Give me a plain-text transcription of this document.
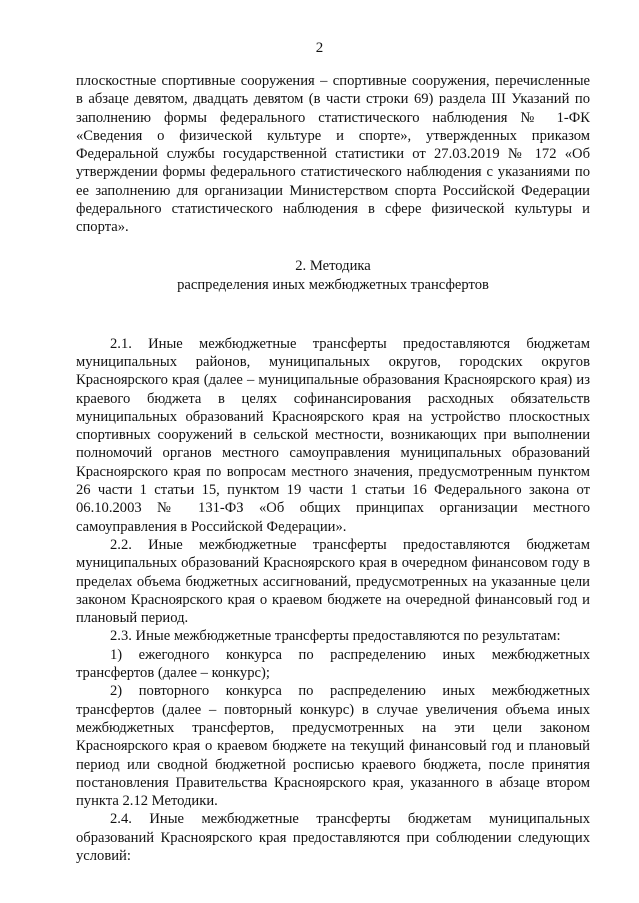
2

плоскостные спортивные сооружения – спортивные сооружения, перечисленные в абзаце девятом, двадцать девятом (в части строки 69) раздела III Указаний по заполнению формы федерального статистического наблюдения № 1-ФК «Сведения о физической культуре и спорте», утвержденных приказом Федеральной службы государственной статистики от 27.03.2019 № 172 «Об утверждении формы федерального статистического наблюдения с указаниями по ее заполнению для организации Министерством спорта Российской Федерации федерального статистического наблюдения в сфере физической культуры и спорта».

2. Методика
распределения иных межбюджетных трансфертов

2.1. Иные межбюджетные трансферты предоставляются бюджетам муниципальных районов, муниципальных округов, городских округов Красноярского края (далее – муниципальные образования Красноярского края) из краевого бюджета в целях софинансирования расходных обязательств муниципальных образований Красноярского края на устройство плоскостных спортивных сооружений в сельской местности, возникающих при выполнении полномочий органов местного самоуправления муниципальных образований Красноярского края по вопросам местного значения, предусмотренным пунктом 26 части 1 статьи 15, пунктом 19 части 1 статьи 16 Федерального закона от 06.10.2003 № 131-ФЗ «Об общих принципах организации местного самоуправления в Российской Федерации».

2.2. Иные межбюджетные трансферты предоставляются бюджетам муниципальных образований Красноярского края в очередном финансовом году в пределах объема бюджетных ассигнований, предусмотренных на указанные цели законом Красноярского края о краевом бюджете на очередной финансовый год и плановый период.

2.3. Иные межбюджетные трансферты предоставляются по результатам:

1) ежегодного конкурса по распределению иных межбюджетных трансфертов (далее – конкурс);

2) повторного конкурса по распределению иных межбюджетных трансфертов (далее – повторный конкурс) в случае увеличения объема иных межбюджетных трансфертов, предусмотренных на эти цели законом Красноярского края о краевом бюджете на текущий финансовый год и плановый период или сводной бюджетной росписью краевого бюджета, после принятия постановления Правительства Красноярского края, указанного в абзаце втором пункта 2.12 Методики.

2.4. Иные межбюджетные трансферты бюджетам муниципальных образований Красноярского края предоставляются при соблюдении следующих условий:
